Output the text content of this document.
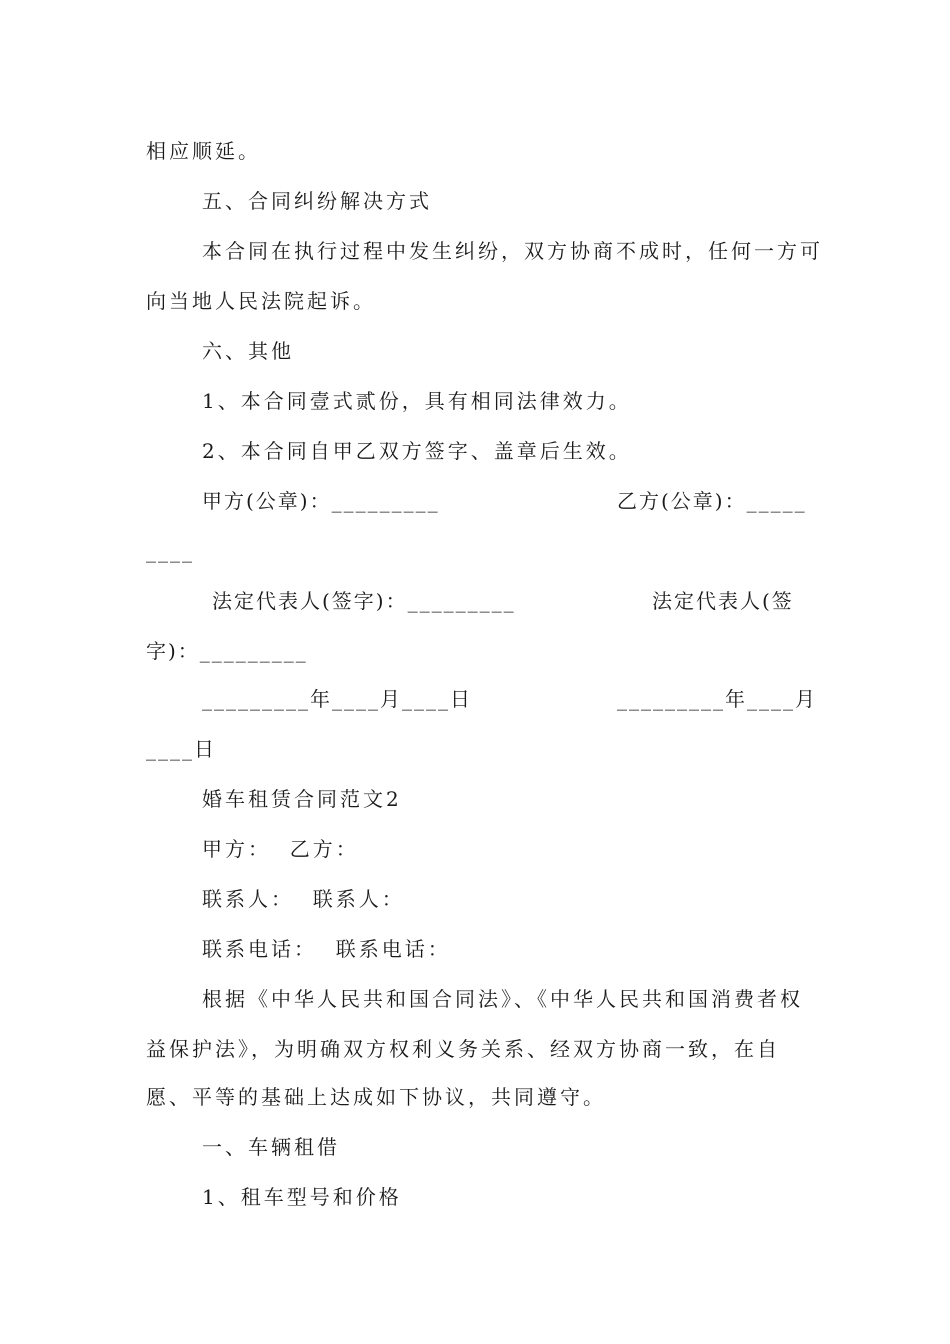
相应顺延。
五、合同纠纷解决方式
本合同在执行过程中发生纠纷，双方协商不成时，任何一方可
向当地人民法院起诉。
六、其他
1、本合同壹式贰份，具有相同法律效力。
2、本合同自甲乙双方签字、盖章后生效。
甲方(公章)：_________	乙方(公章)：_____
____
法定代表人(签字)：_________	法定代表人(签
字)：_________
_________年____月____日	_________年____月
____日
婚车租赁合同范文2
甲方：  乙方：
联系人：  联系人：
联系电话：  联系电话：
根据《中华人民共和国合同法》、《中华人民共和国消费者权
益保护法》，为明确双方权利义务关系、经双方协商一致，在自
愿、平等的基础上达成如下协议，共同遵守。
一、车辆租借
1、租车型号和价格
